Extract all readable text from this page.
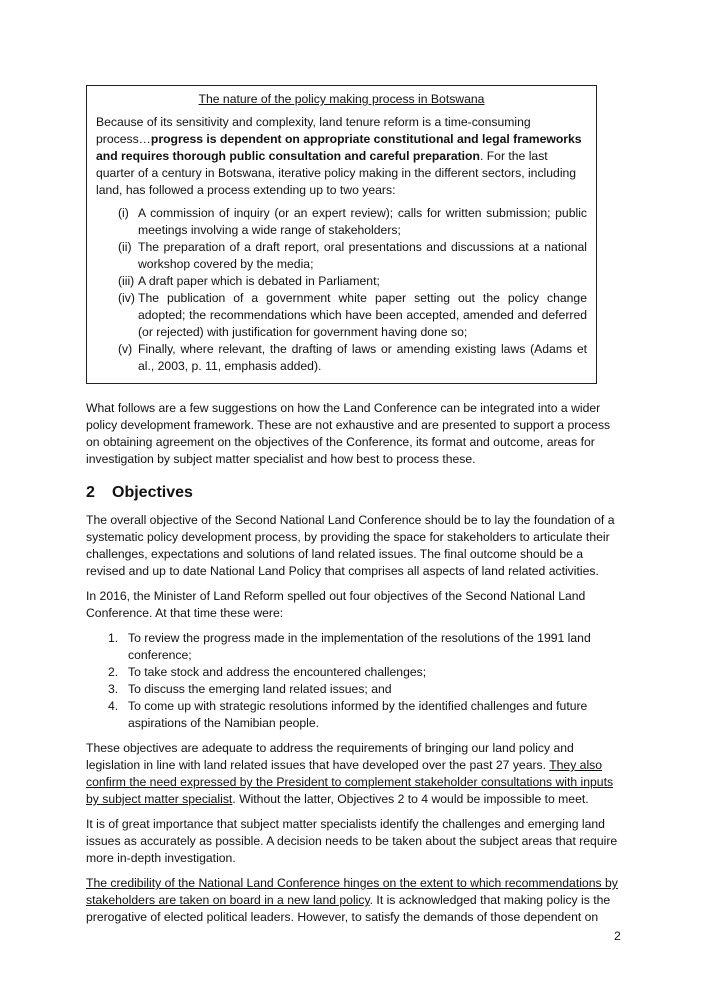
The nature of the policy making process in Botswana

Because of its sensitivity and complexity, land tenure reform is a time-consuming process…progress is dependent on appropriate constitutional and legal frameworks and requires thorough public consultation and careful preparation. For the last quarter of a century in Botswana, iterative policy making in the different sectors, including land, has followed a process extending up to two years:

(i) A commission of inquiry (or an expert review); calls for written submission; public meetings involving a wide range of stakeholders;
(ii) The preparation of a draft report, oral presentations and discussions at a national workshop covered by the media;
(iii) A draft paper which is debated in Parliament;
(iv) The publication of a government white paper setting out the policy change adopted; the recommendations which have been accepted, amended and deferred (or rejected) with justification for government having done so;
(v) Finally, where relevant, the drafting of laws or amending existing laws (Adams et al., 2003, p. 11, emphasis added).

What follows are a few suggestions on how the Land Conference can be integrated into a wider policy development framework. These are not exhaustive and are presented to support a process on obtaining agreement on the objectives of the Conference, its format and outcome, areas for investigation by subject matter specialist and how best to process these.

2 Objectives

The overall objective of the Second National Land Conference should be to lay the foundation of a systematic policy development process, by providing the space for stakeholders to articulate their challenges, expectations and solutions of land related issues. The final outcome should be a revised and up to date National Land Policy that comprises all aspects of land related activities.

In 2016, the Minister of Land Reform spelled out four objectives of the Second National Land Conference. At that time these were:

1. To review the progress made in the implementation of the resolutions of the 1991 land conference;
2. To take stock and address the encountered challenges;
3. To discuss the emerging land related issues; and
4. To come up with strategic resolutions informed by the identified challenges and future aspirations of the Namibian people.

These objectives are adequate to address the requirements of bringing our land policy and legislation in line with land related issues that have developed over the past 27 years. They also confirm the need expressed by the President to complement stakeholder consultations with inputs by subject matter specialist. Without the latter, Objectives 2 to 4 would be impossible to meet.

It is of great importance that subject matter specialists identify the challenges and emerging land issues as accurately as possible. A decision needs to be taken about the subject areas that require more in-depth investigation.

The credibility of the National Land Conference hinges on the extent to which recommendations by stakeholders are taken on board in a new land policy. It is acknowledged that making policy is the prerogative of elected political leaders. However, to satisfy the demands of those dependent on

2
